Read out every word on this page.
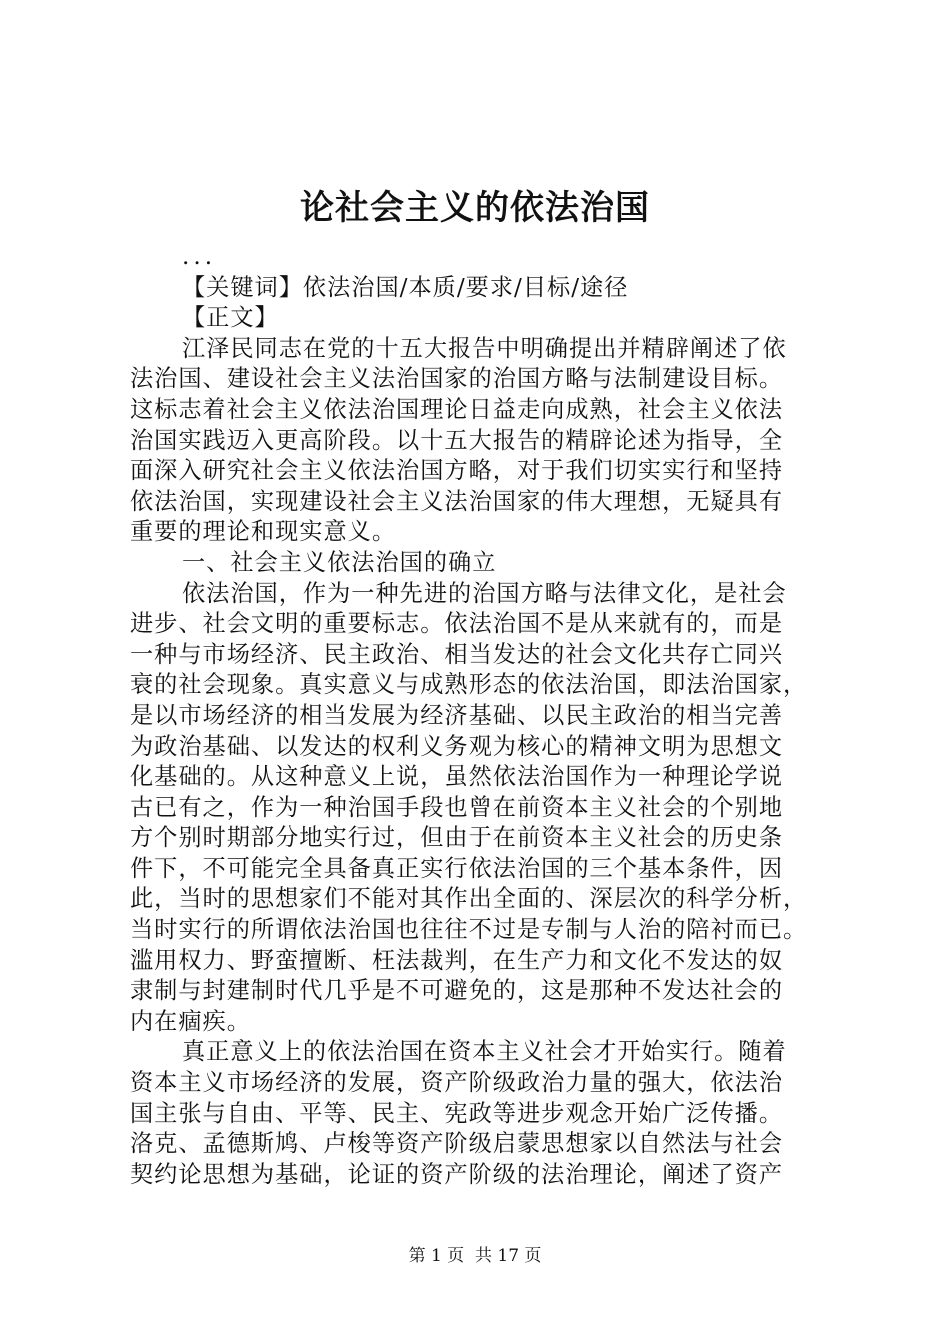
论社会主义的依法治国
...
【关键词】依法治国/本质/要求/目标/途径
【正文】
江泽民同志在党的十五大报告中明确提出并精辟阐述了依
法治国、建设社会主义法治国家的治国方略与法制建设目标。
这标志着社会主义依法治国理论日益走向成熟，社会主义依法
治国实践迈入更高阶段。以十五大报告的精辟论述为指导，全
面深入研究社会主义依法治国方略，对于我们切实实行和坚持
依法治国，实现建设社会主义法治国家的伟大理想，无疑具有
重要的理论和现实意义。
一、社会主义依法治国的确立
依法治国，作为一种先进的治国方略与法律文化，是社会
进步、社会文明的重要标志。依法治国不是从来就有的，而是
一种与市场经济、民主政治、相当发达的社会文化共存亡同兴
衰的社会现象。真实意义与成熟形态的依法治国，即法治国家，
是以市场经济的相当发展为经济基础、以民主政治的相当完善
为政治基础、以发达的权利义务观为核心的精神文明为思想文
化基础的。从这种意义上说，虽然依法治国作为一种理论学说
古已有之，作为一种治国手段也曾在前资本主义社会的个别地
方个别时期部分地实行过，但由于在前资本主义社会的历史条
件下，不可能完全具备真正实行依法治国的三个基本条件，因
此，当时的思想家们不能对其作出全面的、深层次的科学分析，
当时实行的所谓依法治国也往往不过是专制与人治的陪衬而已。
滥用权力、野蛮擅断、枉法裁判，在生产力和文化不发达的奴
隶制与封建制时代几乎是不可避免的，这是那种不发达社会的
内在痼疾。
真正意义上的依法治国在资本主义社会才开始实行。随着
资本主义市场经济的发展，资产阶级政治力量的强大，依法治
国主张与自由、平等、民主、宪政等进步观念开始广泛传播。
洛克、孟德斯鸠、卢梭等资产阶级启蒙思想家以自然法与社会
契约论思想为基础，论证的资产阶级的法治理论，阐述了资产
第 1 页  共 17 页
